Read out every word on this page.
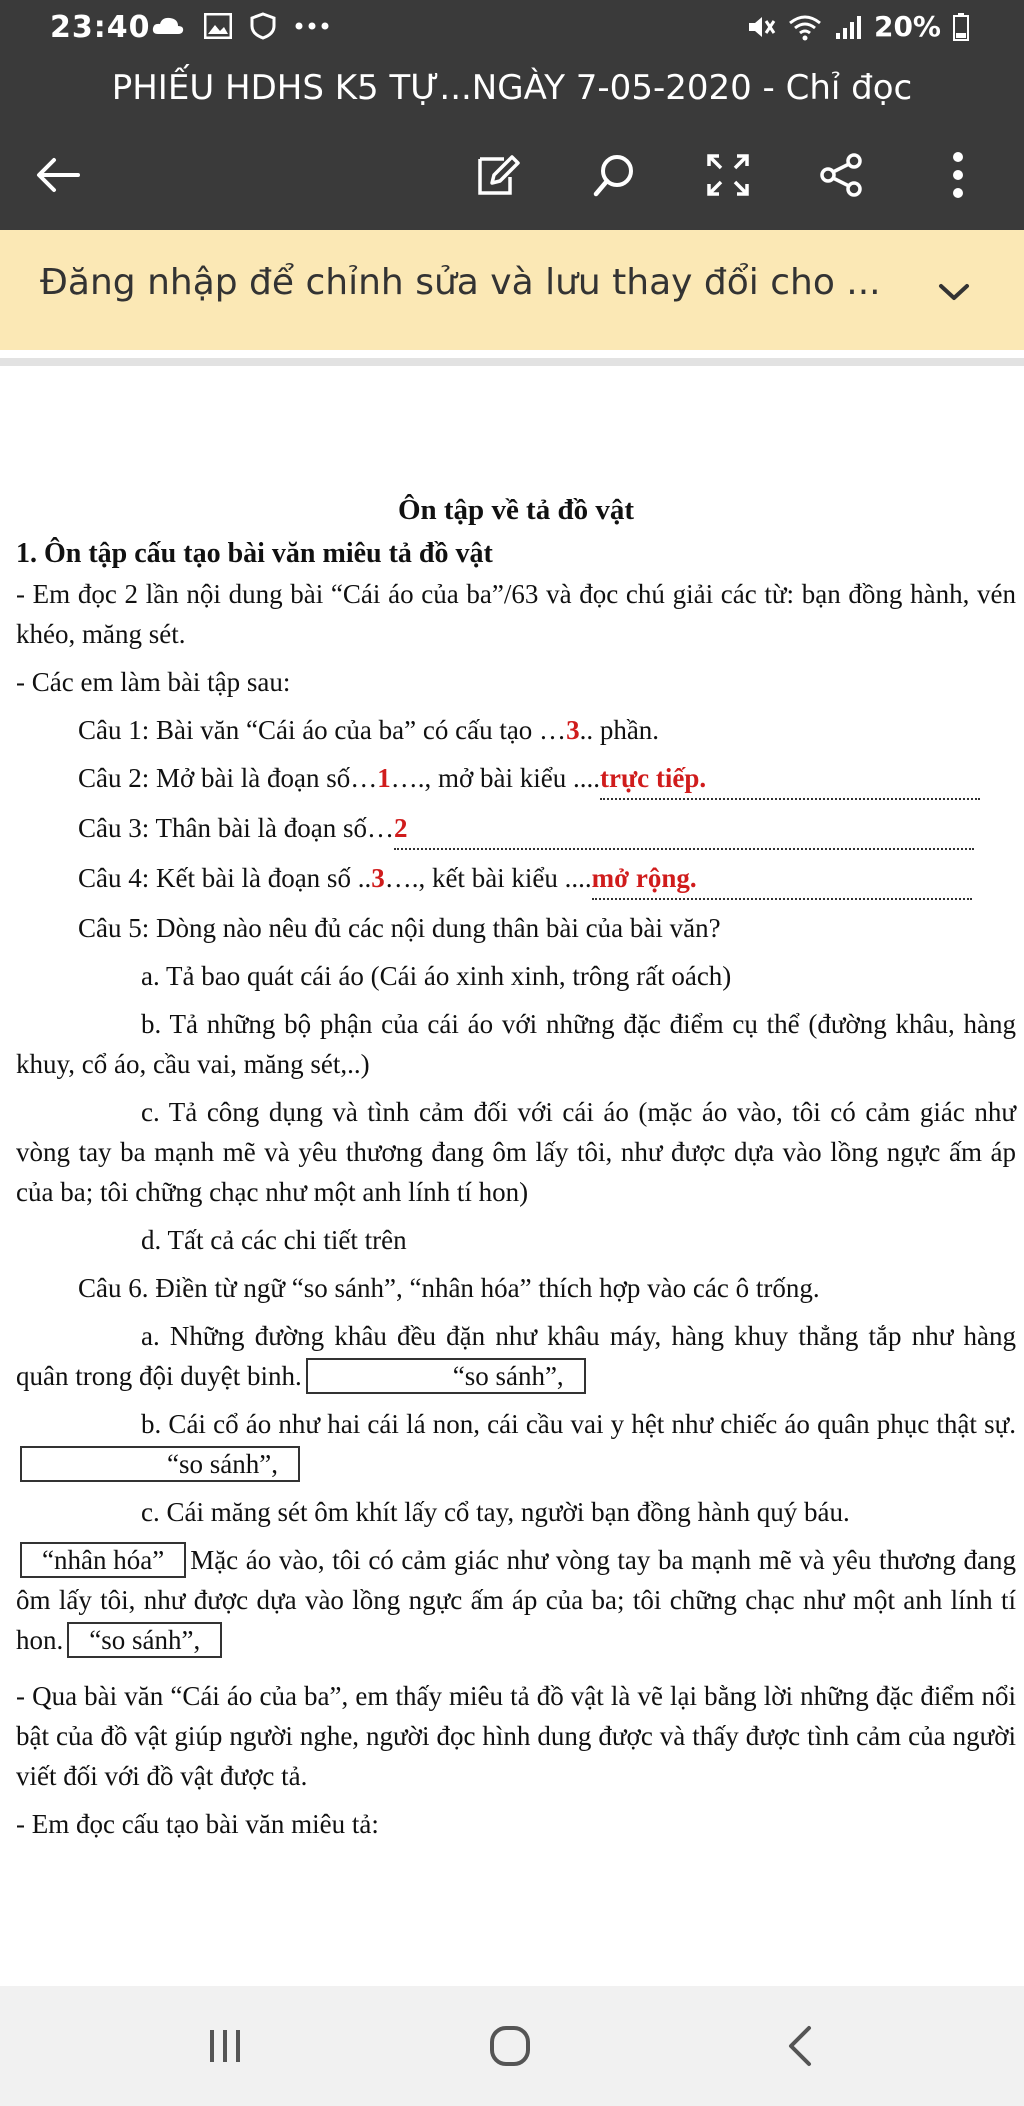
23:40	20%
PHIẾU HDHS K5 TỰ...NGÀY 7-05-2020 - Chỉ đọc
Đăng nhập để chỉnh sửa và lưu thay đổi cho ...

Ôn tập về tả đồ vật

1. Ôn tập cấu tạo bài văn miêu tả đồ vật

- Em đọc 2 lần nội dung bài “Cái áo của ba”/63 và đọc chú giải các từ: bạn đồng hành, vén khéo, măng sét.

- Các em làm bài tập sau:

Câu 1: Bài văn “Cái áo của ba” có cấu tạo …3.. phần.

Câu 2: Mở bài là đoạn số…1…., mở bài kiểu ....trực tiếp.

Câu 3: Thân bài là đoạn số…2

Câu 4: Kết bài là đoạn số ..3…., kết bài kiểu ....mở rộng.

Câu 5: Dòng nào nêu đủ các nội dung thân bài của bài văn?

a. Tả bao quát cái áo (Cái áo xinh xinh, trông rất oách)

b. Tả những bộ phận của cái áo với những đặc điểm cụ thể (đường khâu, hàng khuy, cổ áo, cầu vai, măng sét,..)

c. Tả công dụng và tình cảm đối với cái áo (mặc áo vào, tôi có cảm giác như vòng tay ba mạnh mẽ và yêu thương đang ôm lấy tôi, như được dựa vào lồng ngực ấm áp của ba; tôi chững chạc như một anh lính tí hon)

d. Tất cả các chi tiết trên

Câu 6. Điền từ ngữ “so sánh”, “nhân hóa” thích hợp vào các ô trống.

a. Những đường khâu đều đặn như khâu máy, hàng khuy thẳng tắp như hàng quân trong đội duyệt binh.	“so sánh”,

b. Cái cổ áo như hai cái lá non, cái cầu vai y hệt như chiếc áo quân phục thật sự.“so sánh”,

c. Cái măng sét ôm khít lấy cổ tay, người bạn đồng hành quý báu.

“nhân hóa” Mặc áo vào, tôi có cảm giác như vòng tay ba mạnh mẽ và yêu thương đang ôm lấy tôi, như được dựa vào lồng ngực ấm áp của ba; tôi chững chạc như một anh lính tí hon. “so sánh”,

- Qua bài văn “Cái áo của ba”, em thấy miêu tả đồ vật là vẽ lại bằng lời những đặc điểm nổi bật của đồ vật giúp người nghe, người đọc hình dung được và thấy được tình cảm của người viết đối với đồ vật được tả.

- Em đọc cấu tạo bài văn miêu tả:
